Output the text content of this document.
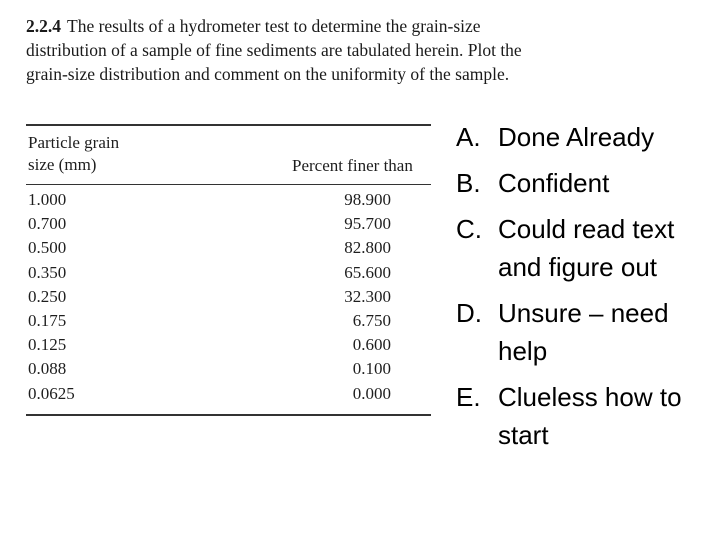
2.2.4 The results of a hydrometer test to determine the grain-size distribution of a sample of fine sediments are tabulated herein. Plot the grain-size distribution and comment on the uniformity of the sample.
Particle grain
size (mm)	Percent finer than
1.000	98.900
0.700	95.700
0.500	82.800
0.350	65.600
0.250	32.300
0.175	6.750
0.125	0.600
0.088	0.100
0.0625	0.000
A. Done Already
B. Confident
C. Could read text and figure out
D. Unsure – need help
E. Clueless how to start
